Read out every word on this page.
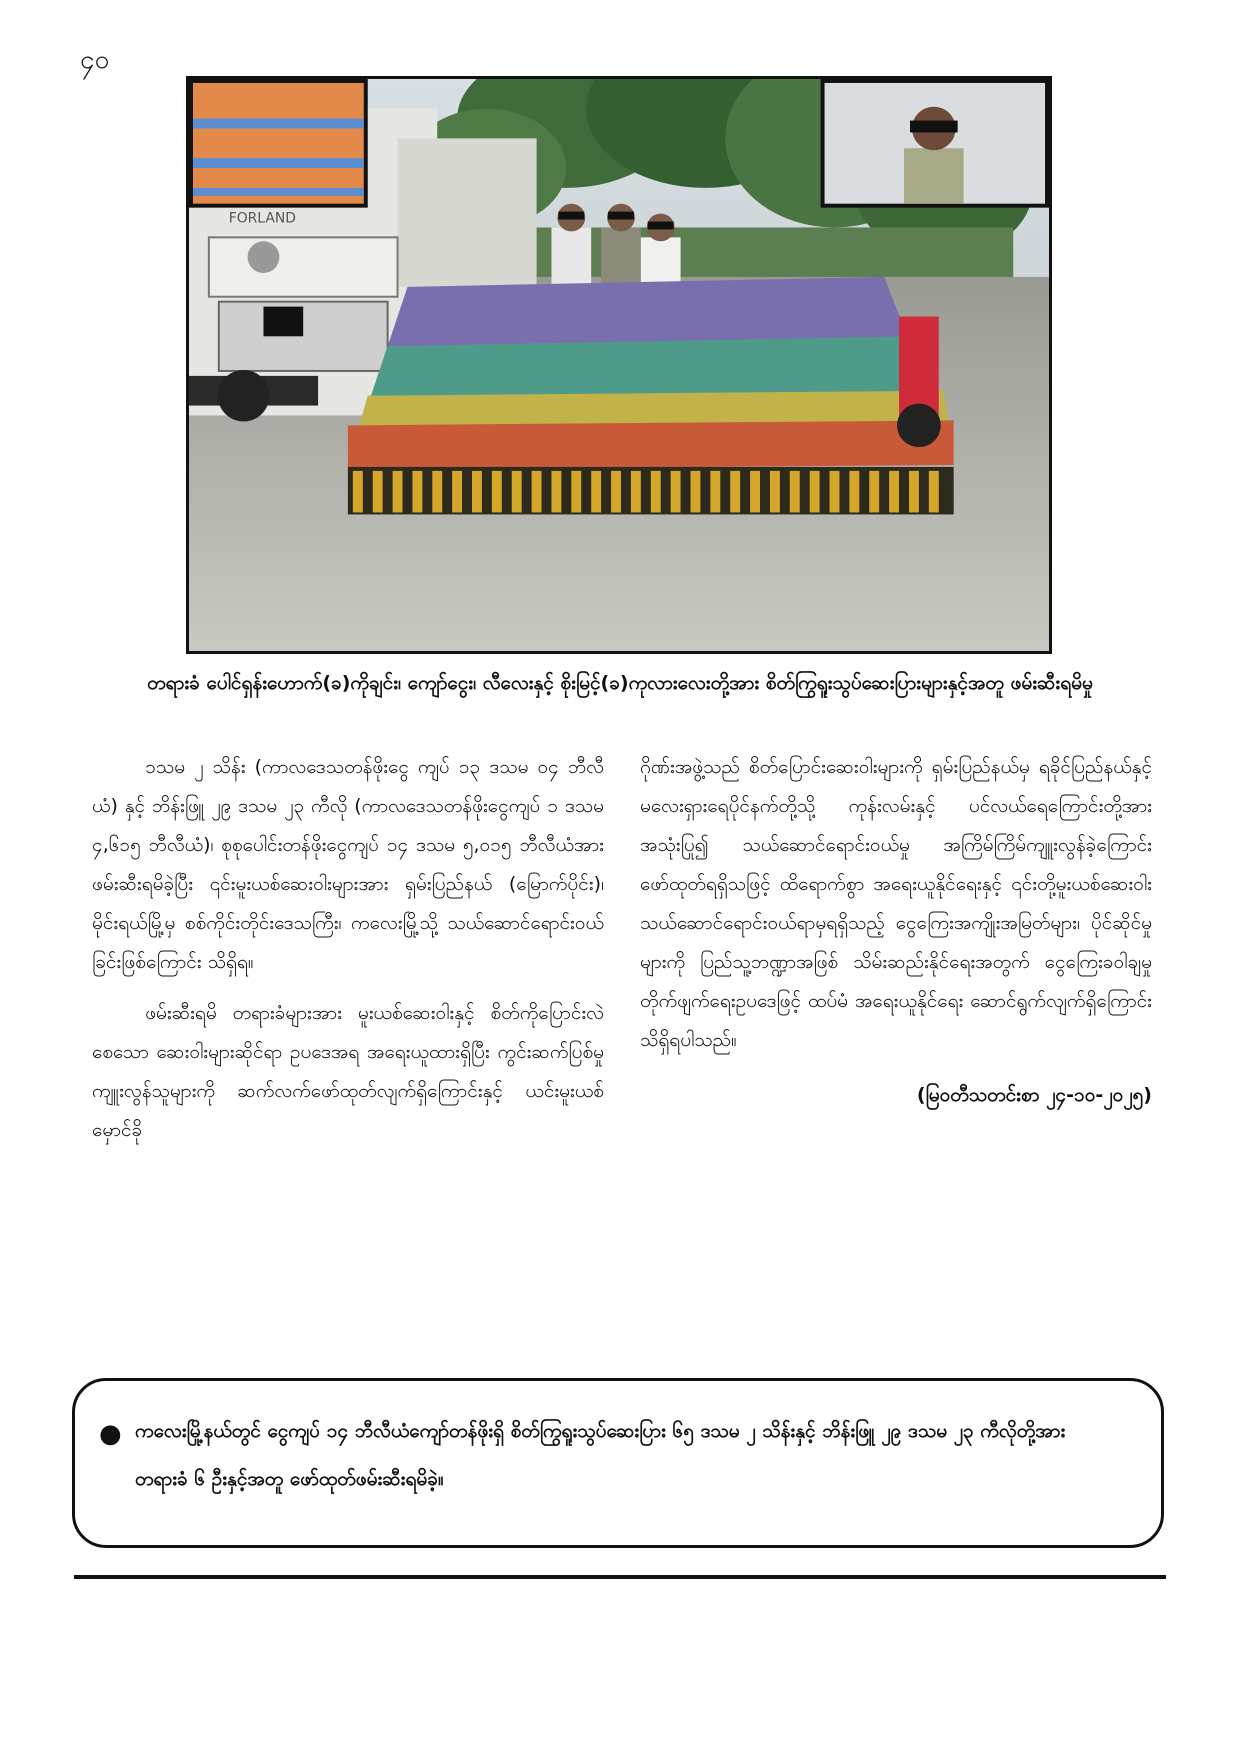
၄၀
FORLAND
တရားခံ ပေါင်ရှန်းဟောက်(ခ)ကိုချင်း၊ ကျော်ငွေး၊ လီလေးနှင့် စိုးမြင့်(ခ)ကုလားလေးတို့အား စိတ်ကြွရူးသွပ်ဆေးပြားများနှင့်အတူ ဖမ်းဆီးရမိမှု

၁သမ ၂ သိန်း (ကာလဒေသတန်ဖိုးငွေ ကျပ် ၁၃ ဒသမ ၀၄ ဘီလီယံ) နှင့် ဘိန်းဖြူ ၂၉ ဒသမ ၂၃ ကီလို (ကာလဒေသတန်ဖိုးငွေကျပ် ၁ ဒသမ ၄,၆၁၅ ဘီလီယံ)၊ စုစုပေါင်းတန်ဖိုးငွေကျပ် ၁၄ ဒသမ ၅,၀၁၅ ဘီလီယံအား ဖမ်းဆီးရမိခဲ့ပြီး ၎င်းမူးယစ်ဆေးဝါးများအား ရှမ်းပြည်နယ် (မြောက်ပိုင်း)၊ မိုင်းရယ်မြို့မှ စစ်ကိုင်းတိုင်းဒေသကြီး၊ ကလေးမြို့သို့ သယ်ဆောင်ရောင်းဝယ်ခြင်းဖြစ်ကြောင်း သိရှိရ။

ဖမ်းဆီးရမိ တရားခံများအား မူးယစ်ဆေးဝါးနှင့် စိတ်ကိုပြောင်းလဲစေသော ဆေးဝါးများဆိုင်ရာ ဥပဒေအရ အရေးယူထားရှိပြီး ကွင်းဆက်ပြစ်မှုကျူးလွန်သူများကို ဆက်လက်ဖော်ထုတ်လျက်ရှိကြောင်းနှင့် ယင်းမူးယစ်မှောင်ခို

ဂိုဏ်းအဖွဲ့သည် စိတ်ပြောင်းဆေးဝါးများကို ရှမ်းပြည်နယ်မှ ရခိုင်ပြည်နယ်နှင့် မလေးရှားရေပိုင်နက်တို့သို့ ကုန်းလမ်းနှင့် ပင်လယ်ရေကြောင်းတို့အား အသုံးပြု၍ သယ်ဆောင်ရောင်းဝယ်မှု အကြိမ်ကြိမ်ကျူးလွန်ခဲ့ကြောင်း ဖော်ထုတ်ရရှိသဖြင့် ထိရောက်စွာ အရေးယူနိုင်ရေးနှင့် ၎င်းတို့မူးယစ်ဆေးဝါး သယ်ဆောင်ရောင်းဝယ်ရာမှရရှိသည့် ငွေကြေးအကျိုးအမြတ်များ၊ ပိုင်ဆိုင်မှုများကို ပြည်သူ့ဘဏ္ဍာအဖြစ် သိမ်းဆည်းနိုင်ရေးအတွက် ငွေကြေးခဝါချမှု တိုက်ဖျက်ရေးဥပဒေဖြင့် ထပ်မံ အရေးယူနိုင်ရေး ဆောင်ရွက်လျက်ရှိကြောင်း သိရှိရပါသည်။

(မြဝတီသတင်းစာ ၂၄-၁၀-၂၀၂၅)

● ကလေးမြို့နယ်တွင် ငွေကျပ် ၁၄ ဘီလီယံကျော်တန်ဖိုးရှိ စိတ်ကြွရူးသွပ်ဆေးပြား ၆၅ ဒသမ ၂ သိန်းနှင့် ဘိန်းဖြူ ၂၉ ဒသမ ၂၃ ကီလိုတို့အား တရားခံ ၆ ဦးနှင့်အတူ ဖော်ထုတ်ဖမ်းဆီးရမိခဲ့။
